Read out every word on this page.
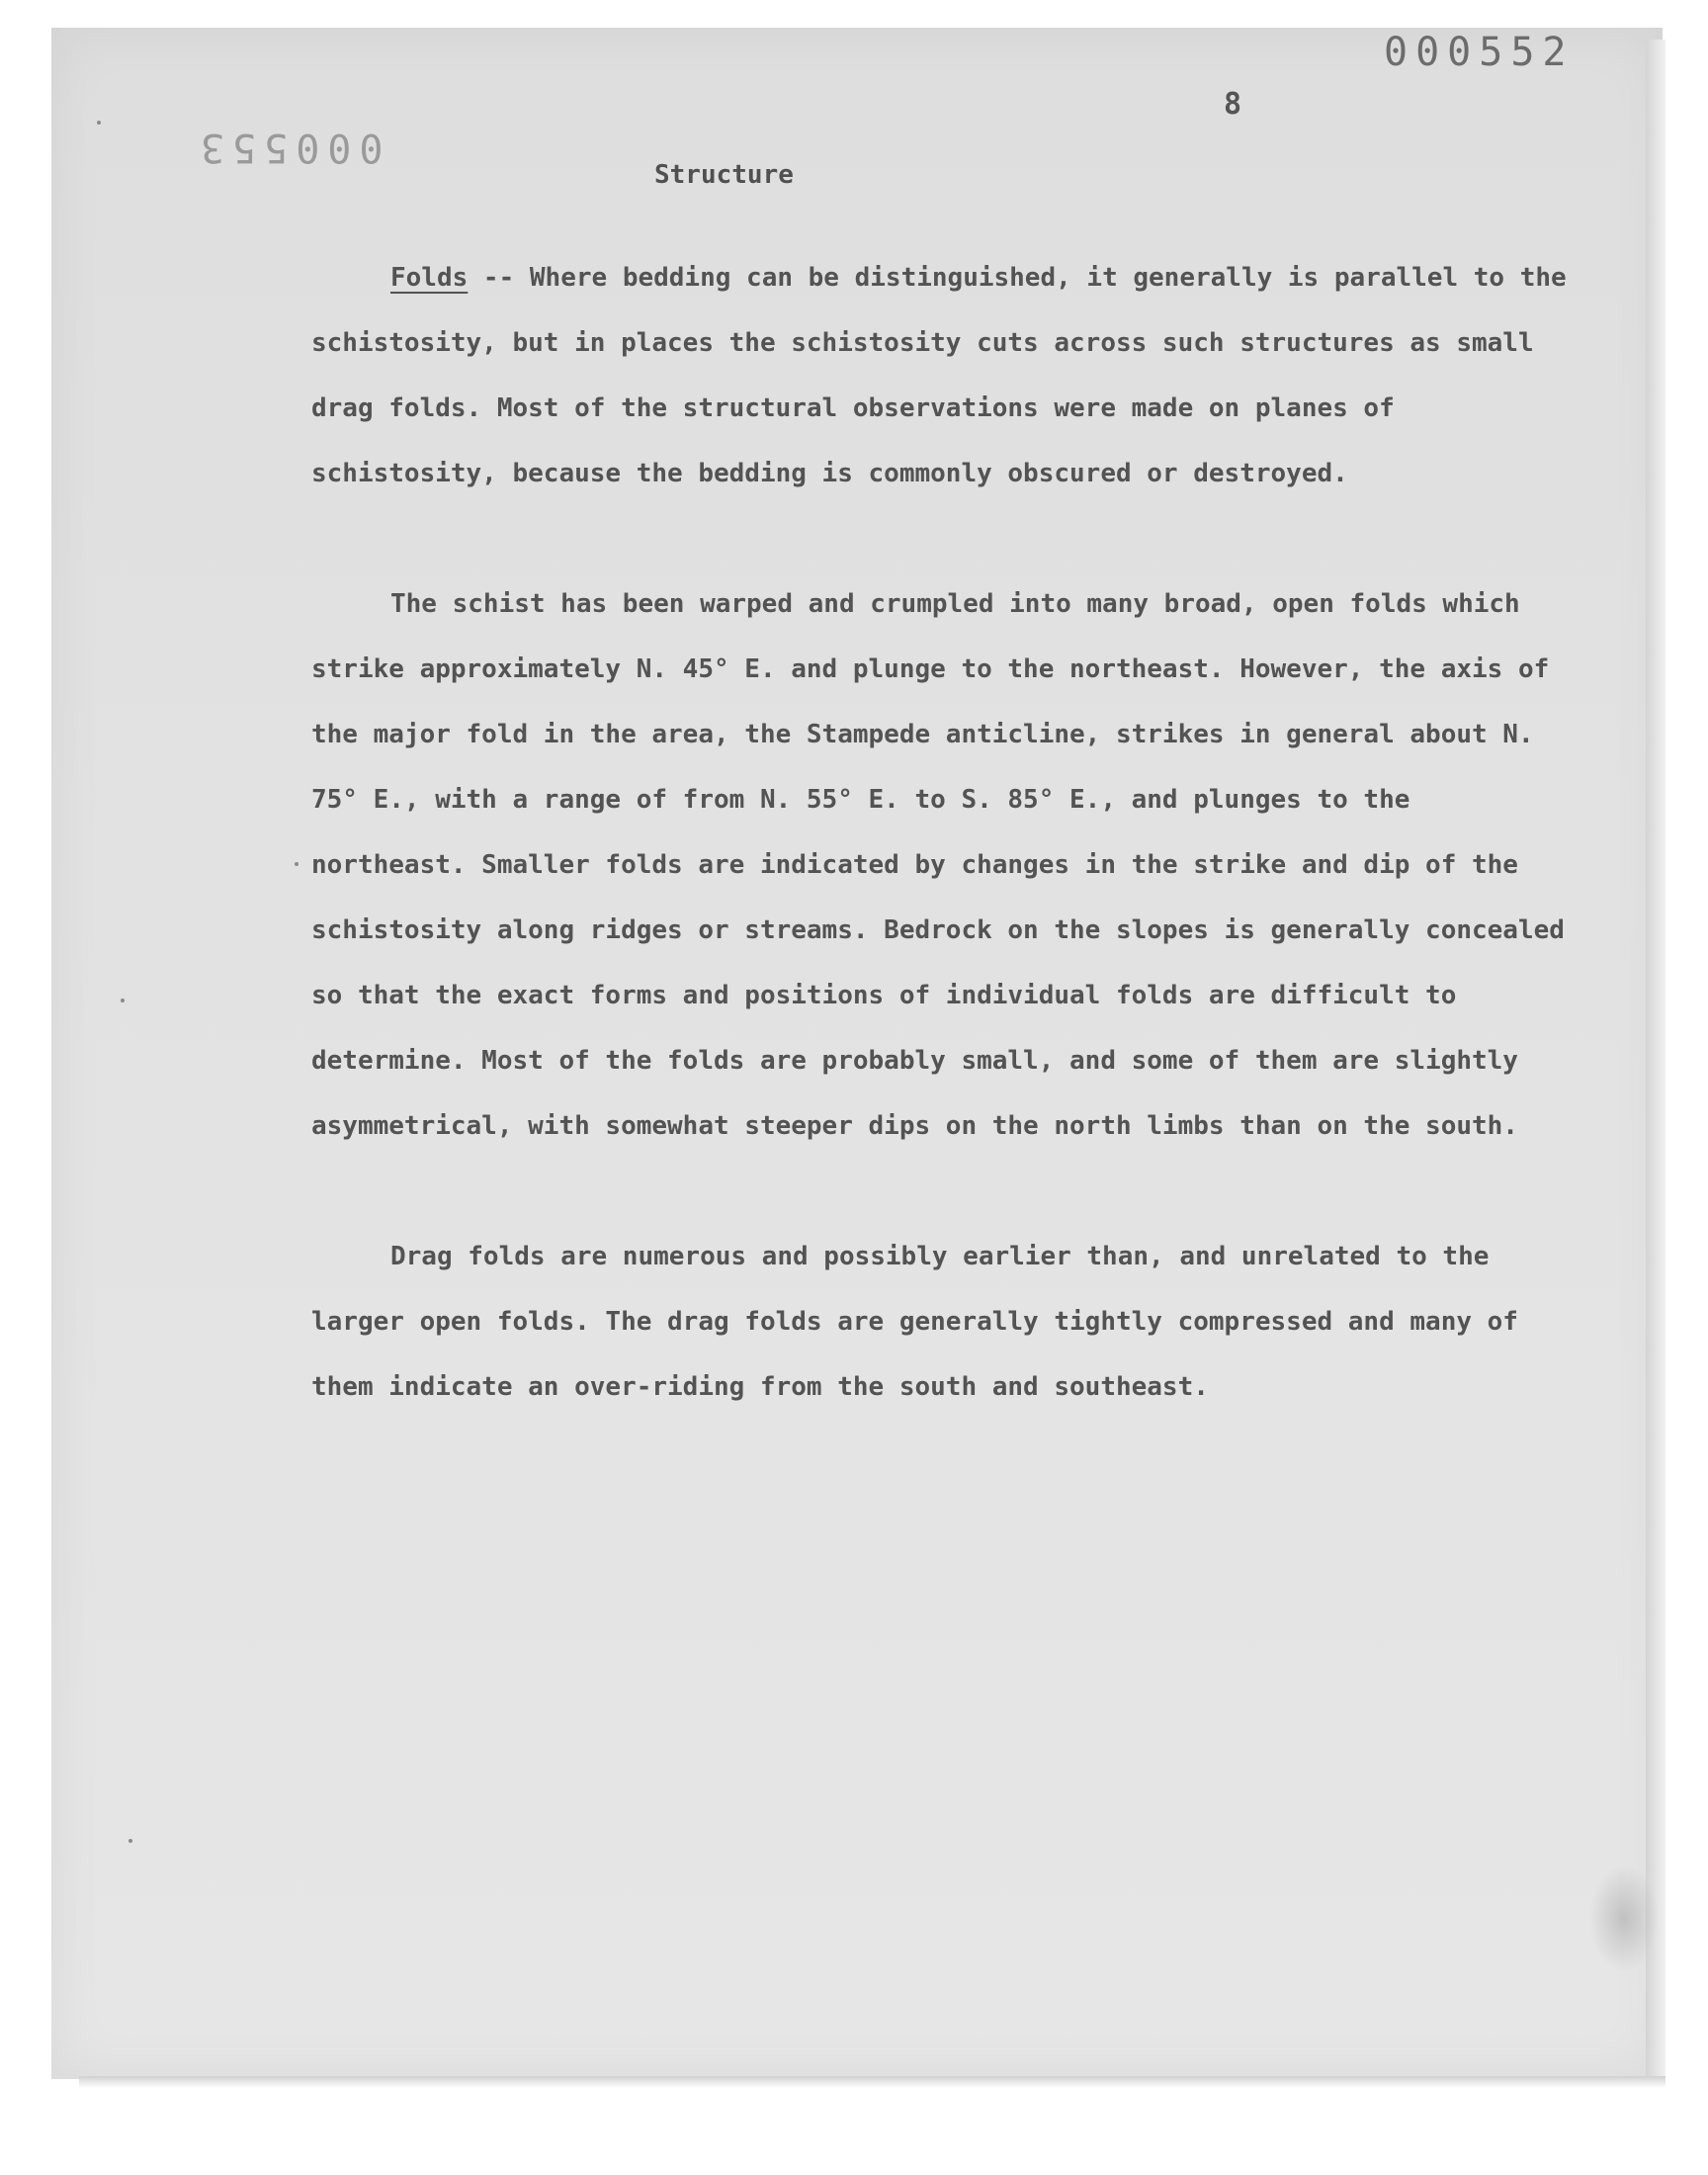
000552
000553
8
Structure

Folds -- Where bedding can be distinguished, it generally is parallel to the schistosity, but in places the schistosity cuts across such structures as small drag folds. Most of the structural observations were made on planes of schistosity, because the bedding is commonly obscured or destroyed.

The schist has been warped and crumpled into many broad, open folds which strike approximately N. 45° E. and plunge to the northeast. However, the axis of the major fold in the area, the Stampede anticline, strikes in general about N. 75° E., with a range of from N. 55° E. to S. 85° E., and plunges to the northeast. Smaller folds are indicated by changes in the strike and dip of the schistosity along ridges or streams. Bedrock on the slopes is generally concealed so that the exact forms and positions of individual folds are difficult to determine. Most of the folds are probably small, and some of them are slightly asymmetrical, with somewhat steeper dips on the north limbs than on the south.

Drag folds are numerous and possibly earlier than, and unrelated to the larger open folds. The drag folds are generally tightly compressed and many of them indicate an over-riding from the south and southeast.
